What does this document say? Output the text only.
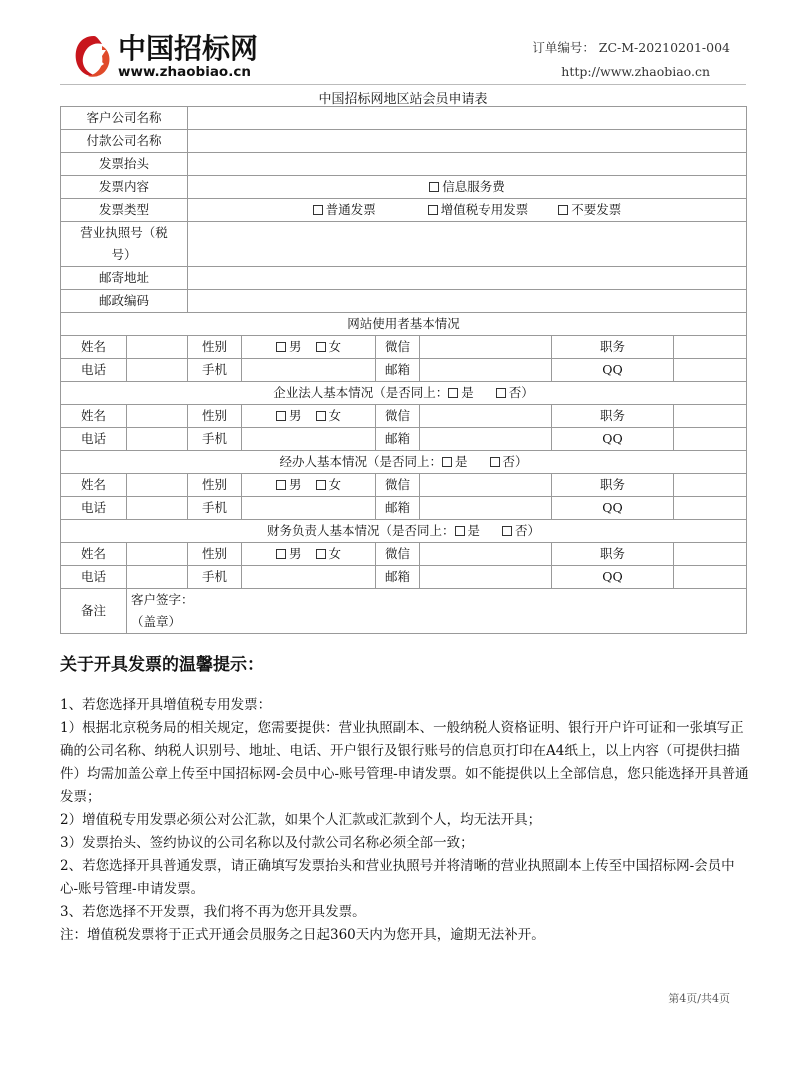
中国招标网
www.zhaobiao.cn
订单编号： ZC-M-20210201-004
http://www.zhaobiao.cn
中国招标网地区站会员申请表
客户公司名称							
付款公司名称							
发票抬头							
发票内容		信息服务费					
发票类型		普通发票 增值税专用发票 不要发票					
营业执照号（税
号）							
邮寄地址							
邮政编码							
网站使用者基本情况							
姓名		性别	男 女	微信		职务	
电话		手机		邮箱		QQ	
企业法人基本情况（是否同上： 是 否）							
姓名		性别	男 女	微信		职务	
电话		手机		邮箱		QQ	
经办人基本情况（是否同上： 是 否）							
姓名		性别	男 女	微信		职务	
电话		手机		邮箱		QQ	
财务负责人基本情况（是否同上： 是 否）							
姓名		性别	男 女	微信		职务	
电话		手机		邮箱		QQ	
备注	客户签字：
（盖章）						
关于开具发票的温馨提示：

1、若您选择开具增值税专用发票：

1）根据北京税务局的相关规定，您需要提供：营业执照副本、一般纳税人资格证明、银行开户许可证和一张填写正确的公司名称、纳税人识别号、地址、电话、开户银行及银行账号的信息页打印在A4纸上，以上内容（可提供扫描件）均需加盖公章上传至中国招标网-会员中心-账号管理-申请发票。如不能提供以上全部信息，您只能选择开具普通发票；

2）增值税专用发票必须公对公汇款，如果个人汇款或汇款到个人，均无法开具；

3）发票抬头、签约协议的公司名称以及付款公司名称必须全部一致；

2、若您选择开具普通发票，请正确填写发票抬头和营业执照号并将清晰的营业执照副本上传至中国招标网-会员中心-账号管理-申请发票。

3、若您选择不开发票，我们将不再为您开具发票。

注：增值税发票将于正式开通会员服务之日起360天内为您开具，逾期无法补开。

第4页/共4页
